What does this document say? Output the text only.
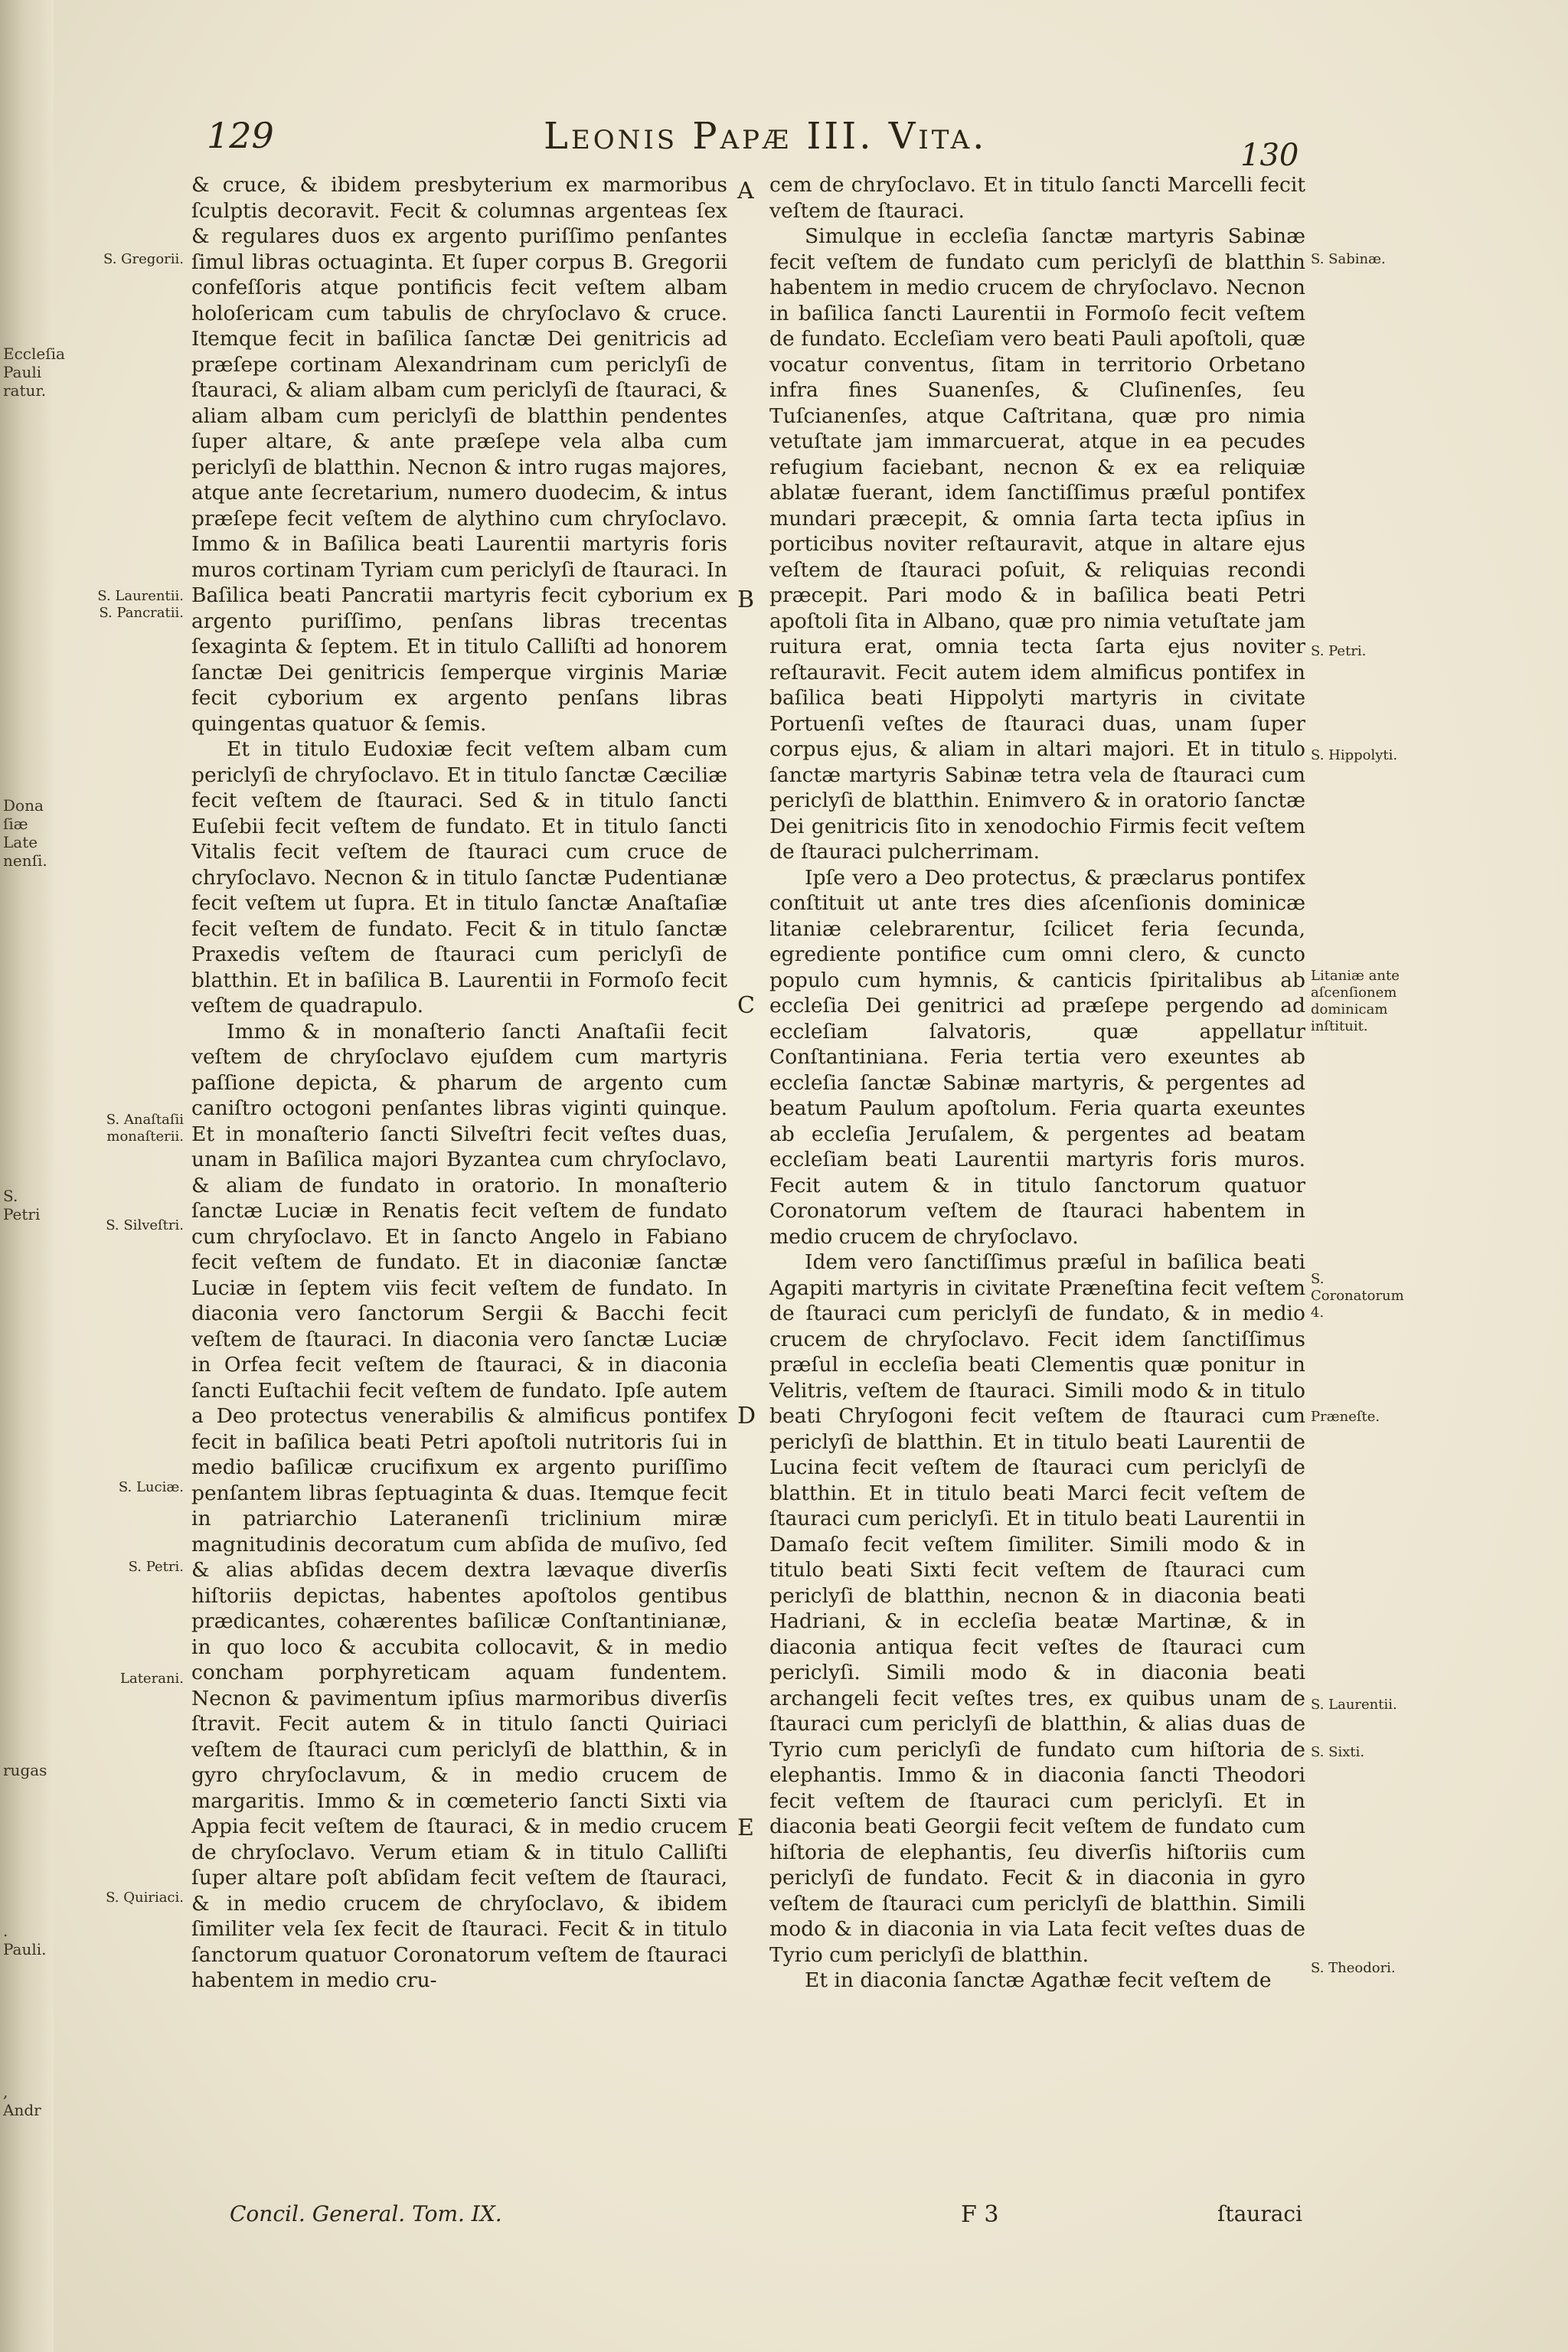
Eccleſia
Pauli
ratur.
Dona
ſiæ Late
nenſi.
S. Petri
rugas
. Pauli.
, Andr
129	Leonis Papæ III. Vita.	130
S. Gregorii.
S. Laurentii.
S. Pancratii.
S. Anaſtaſii
monaſterii.
S. Silveſtri.
S. Luciæ.
S. Petri.
Laterani.
S. Quiriaci.
S. Sabinæ.
S. Petri.
S. Hippolyti.
Litaniæ ante aſcenſionem dominicam inſtituit.
S. Coronatorum 4.
Præneſte.
S. Laurentii.
S. Sixti.
S. Theodori.
A
B
C
D
E

& cruce, & ibidem presbyterium ex marmoribus ſculptis decoravit. Fecit & columnas argenteas ſex & regulares duos ex argento puriſſimo penſantes ſimul libras octuaginta. Et ſuper corpus B. Gregorii confeſſoris atque pontificis fecit veſtem albam holoſericam cum tabulis de chryſoclavo & cruce. Itemque fecit in baſilica ſanctæ Dei genitricis ad præſepe cortinam Alexandrinam cum periclyſi de ſtauraci, & aliam albam cum periclyſi de ſtauraci, & aliam albam cum periclyſi de blatthin pendentes ſuper altare, & ante præſepe vela alba cum periclyſi de blatthin. Necnon & intro rugas majores, atque ante ſecretarium, numero duodecim, & intus præſepe fecit veſtem de alythino cum chryſoclavo. Immo & in Baſilica beati Laurentii martyris foris muros cortinam Tyriam cum periclyſi de ſtauraci. In Baſilica beati Pancratii martyris fecit cyborium ex argento puriſſimo, penſans libras trecentas ſexaginta & ſeptem. Et in titulo Calliſti ad honorem ſanctæ Dei genitricis ſemperque virginis Mariæ fecit cyborium ex argento penſans libras quingentas quatuor & ſemis.

Et in titulo Eudoxiæ fecit veſtem albam cum periclyſi de chryſoclavo. Et in titulo ſanctæ Cæciliæ fecit veſtem de ſtauraci. Sed & in titulo ſancti Euſebii fecit veſtem de fundato. Et in titulo ſancti Vitalis fecit veſtem de ſtauraci cum cruce de chryſoclavo. Necnon & in titulo ſanctæ Pudentianæ fecit veſtem ut ſupra. Et in titulo ſanctæ Anaſtaſiæ fecit veſtem de fundato. Fecit & in titulo ſanctæ Praxedis veſtem de ſtauraci cum periclyſi de blatthin. Et in baſilica B. Laurentii in Formoſo fecit veſtem de quadrapulo.

Immo & in monaſterio ſancti Anaſtaſii fecit veſtem de chryſoclavo ejuſdem cum martyris paſſione depicta, & pharum de argento cum caniſtro octogoni penſantes libras viginti quinque. Et in monaſterio ſancti Silveſtri fecit veſtes duas, unam in Baſilica majori Byzantea cum chryſoclavo, & aliam de fundato in oratorio. In monaſterio ſanctæ Luciæ in Renatis fecit veſtem de fundato cum chryſoclavo. Et in ſancto Angelo in Fabiano fecit veſtem de fundato. Et in diaconiæ ſanctæ Luciæ in ſeptem viis fecit veſtem de fundato. In diaconia vero ſanctorum Sergii & Bacchi fecit veſtem de ſtauraci. In diaconia vero ſanctæ Luciæ in Orfea fecit veſtem de ſtauraci, & in diaconia ſancti Euſtachii fecit veſtem de fundato. Ipſe autem a Deo protectus venerabilis & almificus pontifex fecit in baſilica beati Petri apoſtoli nutritoris ſui in medio baſilicæ crucifixum ex argento puriſſimo penſantem libras ſeptuaginta & duas. Itemque fecit in patriarchio Lateranenſi triclinium miræ magnitudinis decoratum cum abſida de muſivo, ſed & alias abſidas decem dextra lævaque diverſis hiſtoriis depictas, habentes apoſtolos gentibus prædicantes, cohærentes baſilicæ Conſtantinianæ, in quo loco & accubita collocavit, & in medio concham porphyreticam aquam fundentem. Necnon & pavimentum ipſius marmoribus diverſis ſtravit. Fecit autem & in titulo ſancti Quiriaci veſtem de ſtauraci cum periclyſi de blatthin, & in gyro chryſoclavum, & in medio crucem de margaritis. Immo & in cœmeterio ſancti Sixti via Appia fecit veſtem de ſtauraci, & in medio crucem de chryſoclavo. Verum etiam & in titulo Calliſti ſuper altare poſt abſidam fecit veſtem de ſtauraci, & in medio crucem de chryſoclavo, & ibidem ſimiliter vela ſex fecit de ſtauraci. Fecit & in titulo ſanctorum quatuor Coronatorum veſtem de ſtauraci habentem in medio cru-

cem de chryſoclavo. Et in titulo ſancti Marcelli fecit veſtem de ſtauraci.

Simulque in eccleſia ſanctæ martyris Sabinæ fecit veſtem de fundato cum periclyſi de blatthin habentem in medio crucem de chryſoclavo. Necnon in baſilica ſancti Laurentii in Formoſo fecit veſtem de fundato. Eccleſiam vero beati Pauli apoſtoli, quæ vocatur conventus, ſitam in territorio Orbetano infra fines Suanenſes, & Cluſinenſes, ſeu Tuſcianenſes, atque Caſtritana, quæ pro nimia vetuſtate jam immarcuerat, atque in ea pecudes refugium faciebant, necnon & ex ea reliquiæ ablatæ fuerant, idem ſanctiſſimus præſul pontifex mundari præcepit, & omnia ſarta tecta ipſius in porticibus noviter reſtauravit, atque in altare ejus veſtem de ſtauraci poſuit, & reliquias recondi præcepit. Pari modo & in baſilica beati Petri apoſtoli ſita in Albano, quæ pro nimia vetuſtate jam ruitura erat, omnia tecta ſarta ejus noviter reſtauravit. Fecit autem idem almificus pontifex in baſilica beati Hippolyti martyris in civitate Portuenſi veſtes de ſtauraci duas, unam ſuper corpus ejus, & aliam in altari majori. Et in titulo ſanctæ martyris Sabinæ tetra vela de ſtauraci cum periclyſi de blatthin. Enimvero & in oratorio ſanctæ Dei genitricis ſito in xenodochio Firmis fecit veſtem de ſtauraci pulcherrimam.

Ipſe vero a Deo protectus, & præclarus pontifex conſtituit ut ante tres dies aſcenſionis dominicæ litaniæ celebrarentur, ſcilicet feria ſecunda, egrediente pontifice cum omni clero, & cuncto populo cum hymnis, & canticis ſpiritalibus ab eccleſia Dei genitrici ad præſepe pergendo ad eccleſiam ſalvatoris, quæ appellatur Conſtantiniana. Feria tertia vero exeuntes ab eccleſia ſanctæ Sabinæ martyris, & pergentes ad beatum Paulum apoſtolum. Feria quarta exeuntes ab eccleſia Jeruſalem, & pergentes ad beatam eccleſiam beati Laurentii martyris foris muros. Fecit autem & in titulo ſanctorum quatuor Coronatorum veſtem de ſtauraci habentem in medio crucem de chryſoclavo.

Idem vero ſanctiſſimus præſul in baſilica beati Agapiti martyris in civitate Præneſtina fecit veſtem de ſtauraci cum periclyſi de fundato, & in medio crucem de chryſoclavo. Fecit idem ſanctiſſimus præſul in eccleſia beati Clementis quæ ponitur in Velitris, veſtem de ſtauraci. Simili modo & in titulo beati Chryſogoni fecit veſtem de ſtauraci cum periclyſi de blatthin. Et in titulo beati Laurentii de Lucina fecit veſtem de ſtauraci cum periclyſi de blatthin. Et in titulo beati Marci fecit veſtem de ſtauraci cum periclyſi. Et in titulo beati Laurentii in Damaſo fecit veſtem ſimiliter. Simili modo & in titulo beati Sixti fecit veſtem de ſtauraci cum periclyſi de blatthin, necnon & in diaconia beati Hadriani, & in eccleſia beatæ Martinæ, & in diaconia antiqua fecit veſtes de ſtauraci cum periclyſi. Simili modo & in diaconia beati archangeli fecit veſtes tres, ex quibus unam de ſtauraci cum periclyſi de blatthin, & alias duas de Tyrio cum periclyſi de fundato cum hiſtoria de elephantis. Immo & in diaconia ſancti Theodori fecit veſtem de ſtauraci cum periclyſi. Et in diaconia beati Georgii fecit veſtem de fundato cum hiſtoria de elephantis, ſeu diverſis hiſtoriis cum periclyſi de fundato. Fecit & in diaconia in gyro veſtem de ſtauraci cum periclyſi de blatthin. Simili modo & in diaconia in via Lata fecit veſtes duas de Tyrio cum periclyſi de blatthin.

Et in diaconia ſanctæ Agathæ fecit veſtem de

Concil. General. Tom. IX.	F 3	ſtauraci
